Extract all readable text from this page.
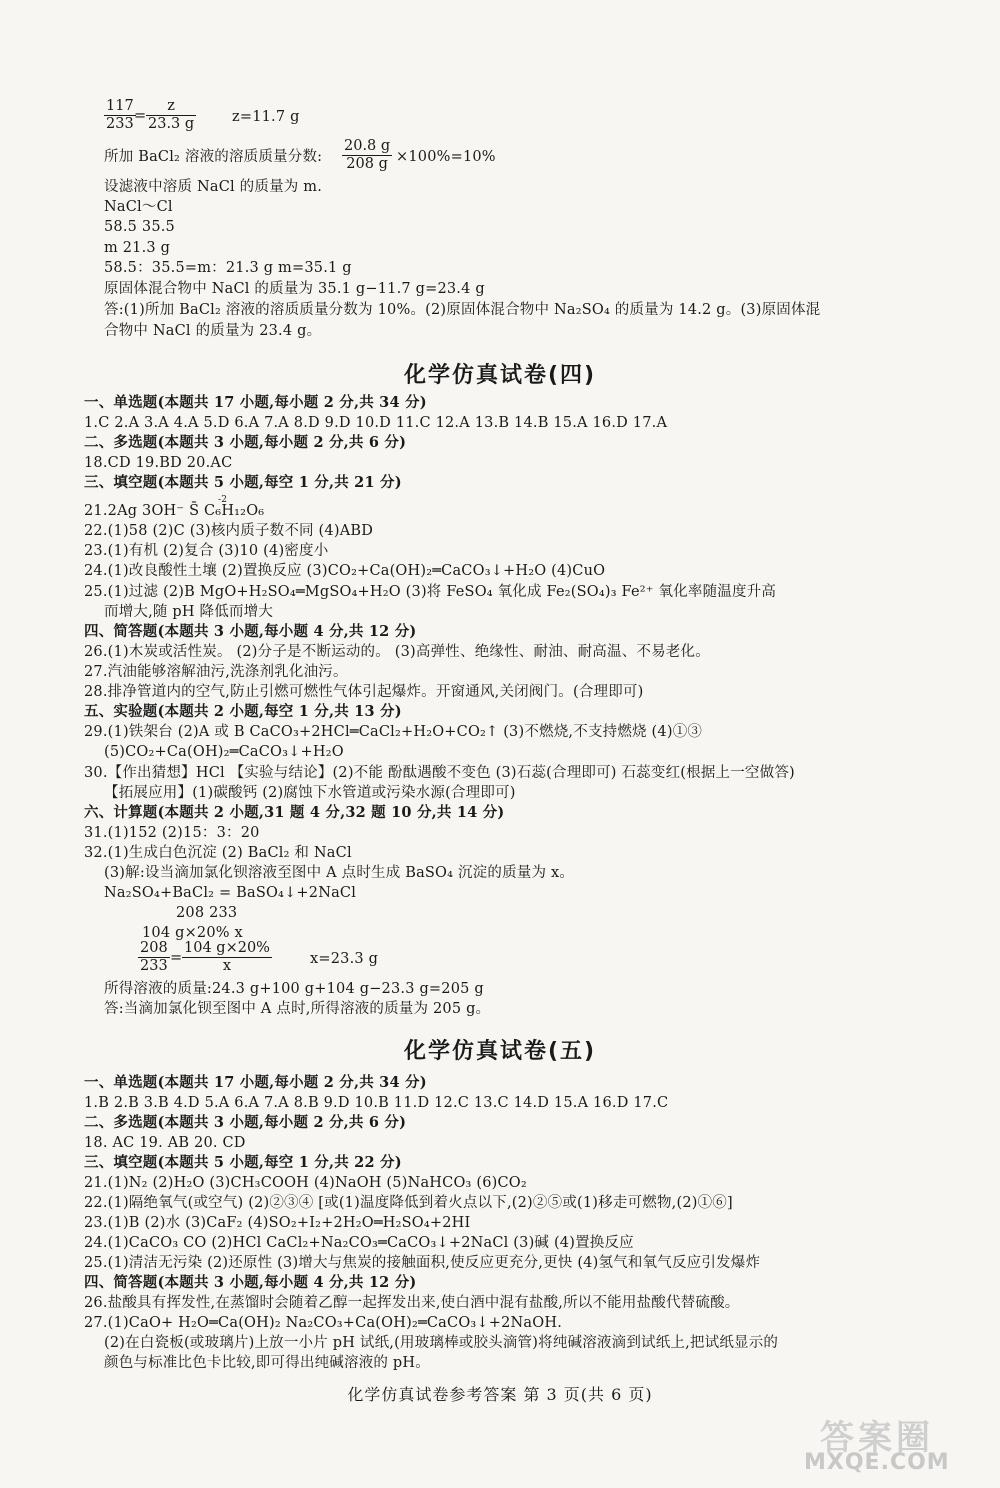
$\frac{117}{233}$
= $\frac{z}{23.3 g} z=11.7$ g
所加 BaCl₂ 溶液的溶质质量分数: $\frac{20.8 g}{208 g} \times 100\%=10\%$
设滤液中溶质 NaCl 的质量为 m.
NaCl～Cl
58.5 35.5
m 21.3 g
58.5：35.5=m：21.3 g m=35.1 g
原固体混合物中 NaCl 的质量为 35.1 g−11.7 g=23.4 g
答:(1)所加 BaCl₂ 溶液的溶质质量分数为 10%。(2)原固体混合物中 Na₂SO₄ 的质量为 14.2 g。(3)原固体混
合物中 NaCl 的质量为 23.4 g。
化学仿真试卷(四)
一、单选题(本题共 17 小题,每小题 2 分,共 34 分)
1.C 2.A 3.A 4.A 5.D 6.A 7.A 8.D 9.D 10.D 11.C 12.A 13.B 14.B 15.A 16.D 17.A
二、多选题(本题共 3 小题,每小题 2 分,共 6 分)
18.CD 19.BD 20.AC
三、填空题(本题共 5 小题,每空 1 分,共 21 分)
-2
21.2Ag 3OH⁻ S̄ C₆H₁₂O₆
22.(1)58 (2)C (3)核内质子数不同 (4)ABD
23.(1)有机 (2)复合 (3)10 (4)密度小
24.(1)改良酸性土壤 (2)置换反应 (3)CO₂+Ca(OH)₂═CaCO₃↓+H₂O (4)CuO
25.(1)过滤 (2)B MgO+H₂SO₄═MgSO₄+H₂O (3)将 FeSO₄ 氧化成 Fe₂(SO₄)₃ Fe²⁺ 氧化率随温度升高
而增大,随 pH 降低而增大
四、简答题(本题共 3 小题,每小题 4 分,共 12 分)
26.(1)木炭或活性炭。 (2)分子是不断运动的。 (3)高弹性、绝缘性、耐油、耐高温、不易老化。
27.汽油能够溶解油污,洗涤剂乳化油污。
28.排净管道内的空气,防止引燃可燃性气体引起爆炸。开窗通风,关闭阀门。(合理即可)
五、实验题(本题共 2 小题,每空 1 分,共 13 分)
29.(1)铁架台 (2)A 或 B CaCO₃+2HCl═CaCl₂+H₂O+CO₂↑ (3)不燃烧,不支持燃烧 (4)①③
(5)CO₂+Ca(OH)₂═CaCO₃↓+H₂O
30.【作出猜想】HCl 【实验与结论】(2)不能 酚酞遇酸不变色 (3)石蕊(合理即可) 石蕊变红(根据上一空做答)
【拓展应用】(1)碳酸钙 (2)腐蚀下水管道或污染水源(合理即可)
六、计算题(本题共 2 小题,31 题 4 分,32 题 10 分,共 14 分)
31.(1)152 (2)15：3：20
32.(1)生成白色沉淀 (2) BaCl₂ 和 NaCl
(3)解:设当滴加氯化钡溶液至图中 A 点时生成 BaSO₄ 沉淀的质量为 x。
Na₂SO₄+BaCl₂ = BaSO₄↓+2NaCl
208 233
104 g×20% x
$\frac{208}{233} = \frac{104 g\times 20\%}{x}$	x=23.3 g
所得溶液的质量:24.3 g+100 g+104 g−23.3 g=205 g
答:当滴加氯化钡至图中 A 点时,所得溶液的质量为 205 g。
化学仿真试卷(五)
一、单选题(本题共 17 小题,每小题 2 分,共 34 分)
1.B 2.B 3.B 4.D 5.A 6.A 7.A 8.B 9.D 10.B 11.D 12.C 13.C 14.D 15.A 16.D 17.C
二、多选题(本题共 3 小题,每小题 2 分,共 6 分)
18. AC 19. AB 20. CD
三、填空题(本题共 5 小题,每空 1 分,共 22 分)
21.(1)N₂ (2)H₂O (3)CH₃COOH (4)NaOH (5)NaHCO₃ (6)CO₂
22.(1)隔绝氧气(或空气) (2)②③④ [或(1)温度降低到着火点以下,(2)②⑤或(1)移走可燃物,(2)①⑥]
23.(1)B (2)水 (3)CaF₂ (4)SO₂+I₂+2H₂O═H₂SO₄+2HI
24.(1)CaCO₃ CO (2)HCl CaCl₂+Na₂CO₃═CaCO₃↓+2NaCl (3)碱 (4)置换反应
25.(1)清洁无污染 (2)还原性 (3)增大与焦炭的接触面积,使反应更充分,更快 (4)氢气和氧气反应引发爆炸
四、简答题(本题共 3 小题,每小题 4 分,共 12 分)
26.盐酸具有挥发性,在蒸馏时会随着乙醇一起挥发出来,使白酒中混有盐酸,所以不能用盐酸代替硫酸。
27.(1)CaO+ H₂O═Ca(OH)₂ Na₂CO₃+Ca(OH)₂═CaCO₃↓+2NaOH.
(2)在白瓷板(或玻璃片)上放一小片 pH 试纸,(用玻璃棒或胶头滴管)将纯碱溶液滴到试纸上,把试纸显示的
颜色与标准比色卡比较,即可得出纯碱溶液的 pH。
化学仿真试卷参考答案 第 3 页(共 6 页)
答案圈
MXQE.COM
